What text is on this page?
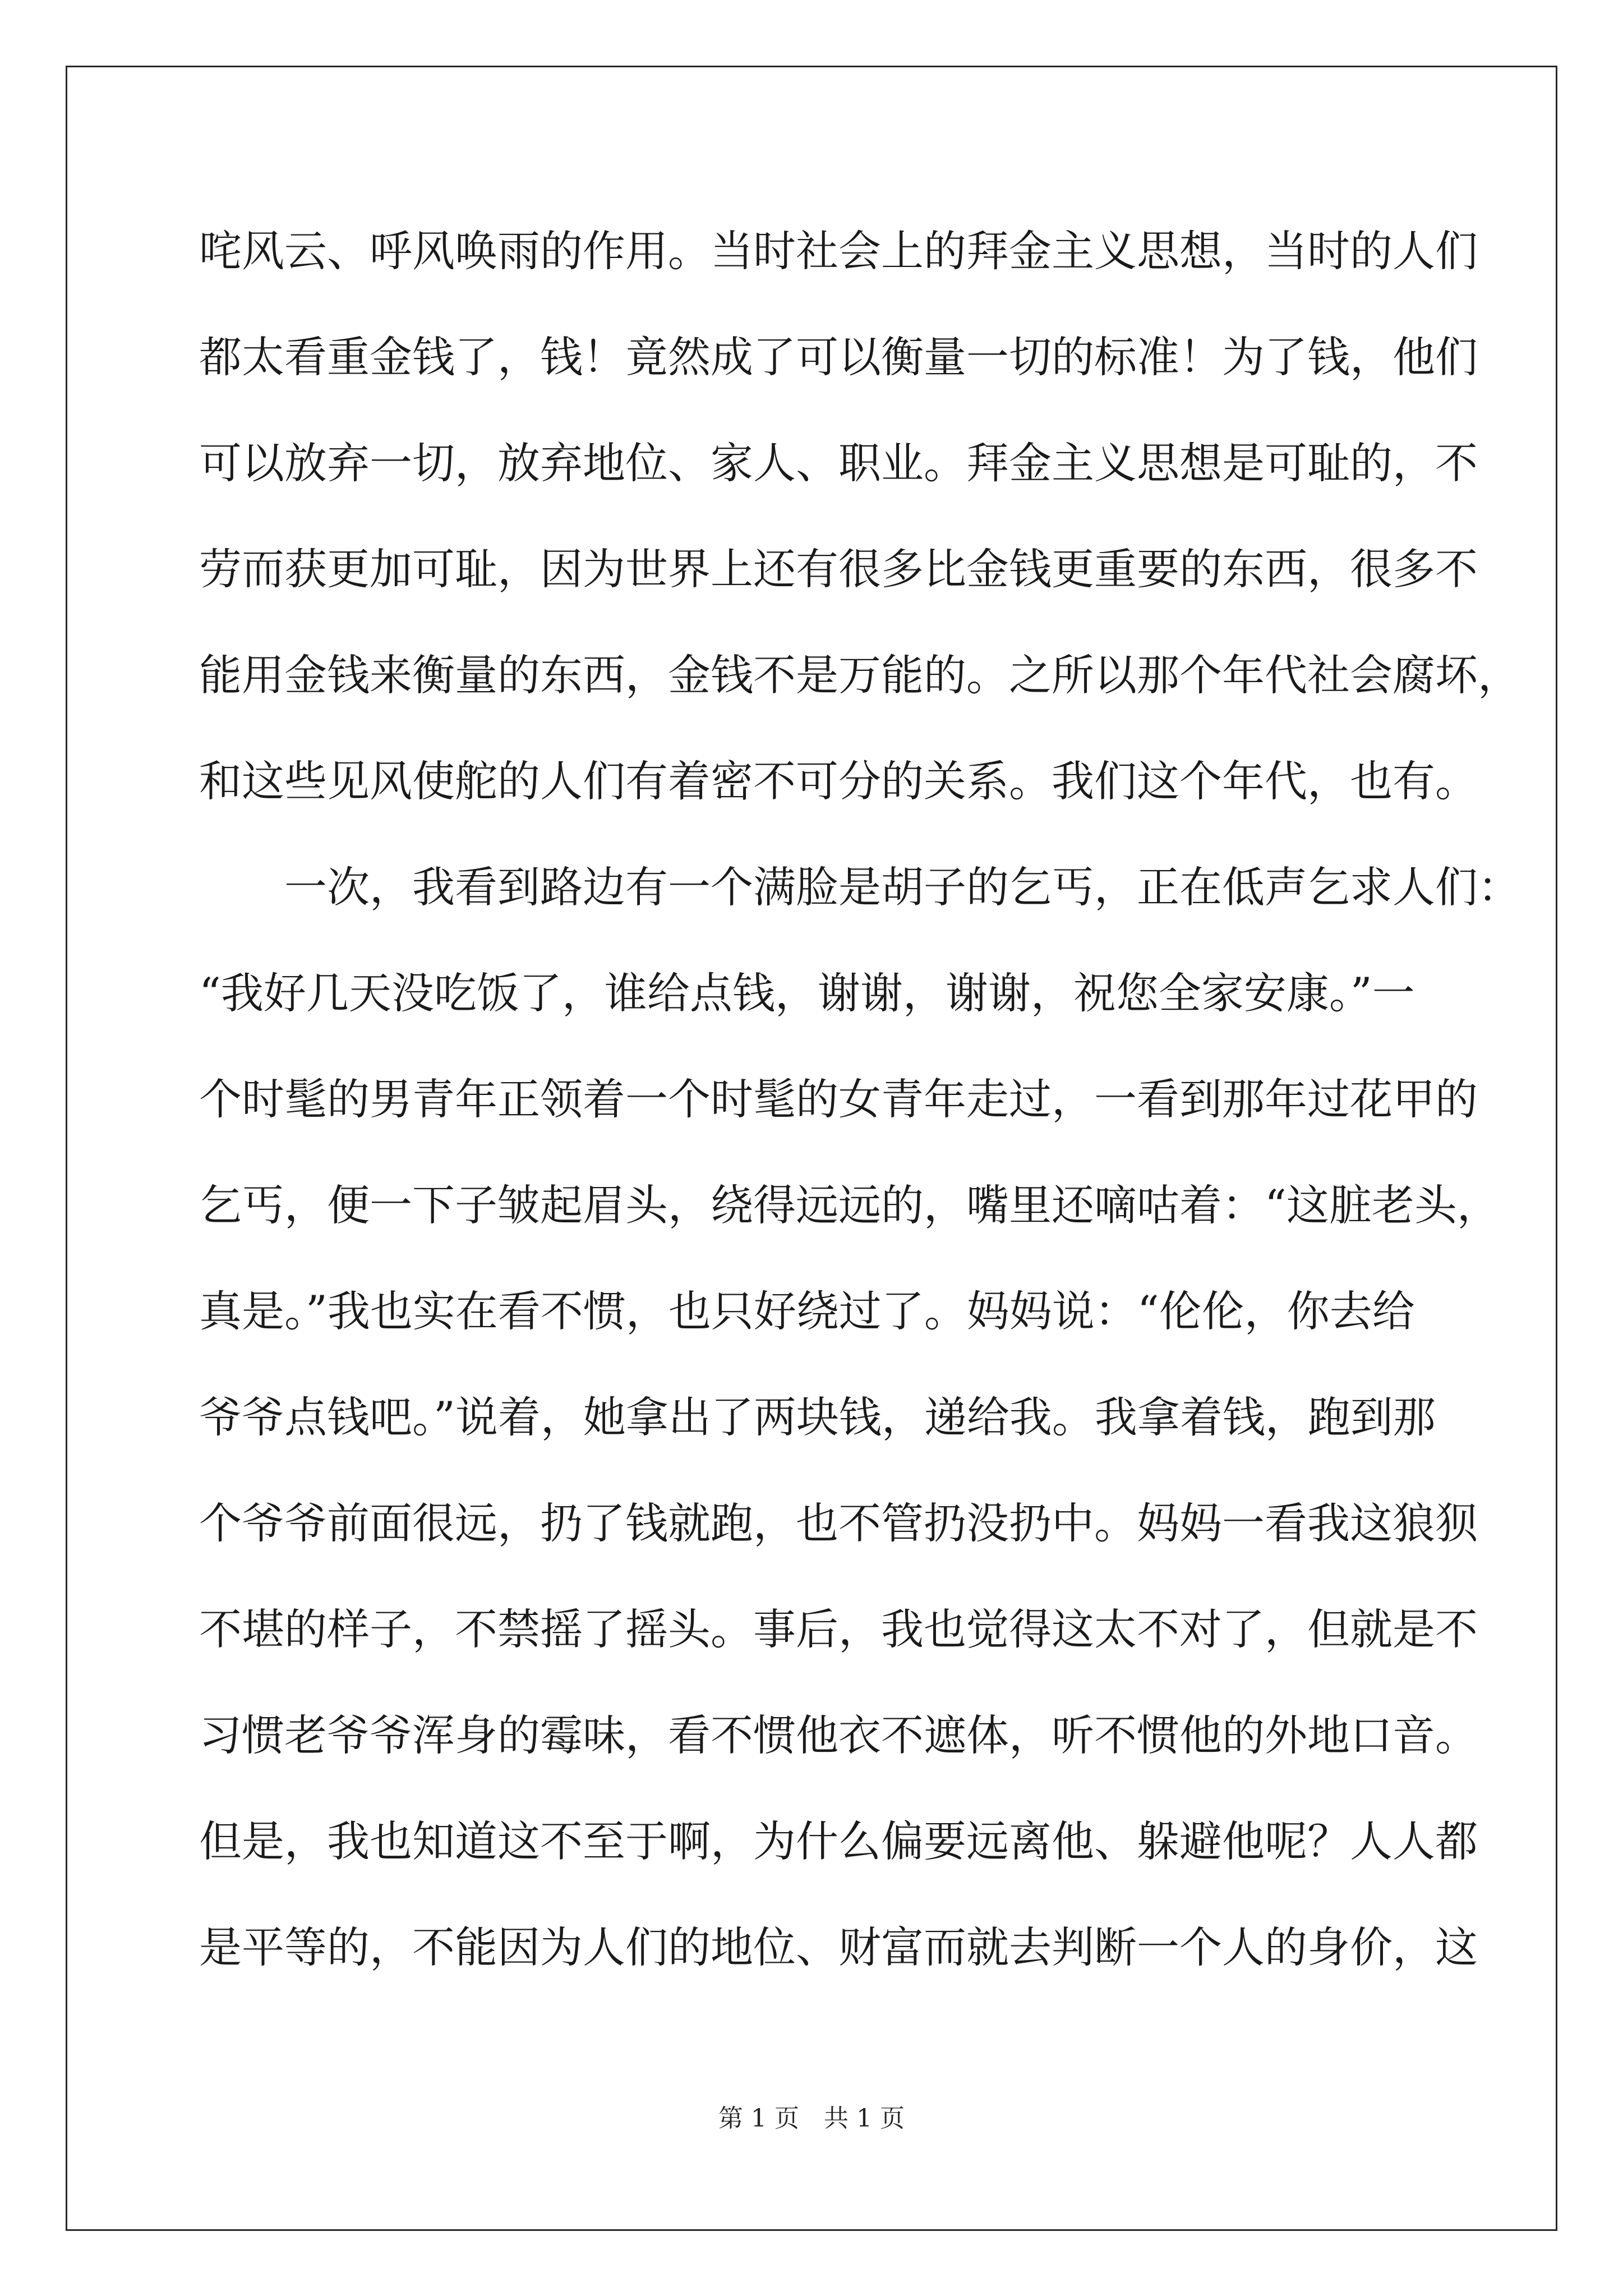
咤风云、呼风唤雨的作用。当时社会上的拜金主义思想，当时的人们
都太看重金钱了，钱！竟然成了可以衡量一切的标准！为了钱，他们
可以放弃一切，放弃地位、家人、职业。拜金主义思想是可耻的，不
劳而获更加可耻，因为世界上还有很多比金钱更重要的东西，很多不
能用金钱来衡量的东西，金钱不是万能的。之所以那个年代社会腐坏，
和这些见风使舵的人们有着密不可分的关系。我们这个年代，也有。
　　一次，我看到路边有一个满脸是胡子的乞丐，正在低声乞求人们：
“我好几天没吃饭了，谁给点钱，谢谢，谢谢，祝您全家安康。”一
个时髦的男青年正领着一个时髦的女青年走过，一看到那年过花甲的
乞丐，便一下子皱起眉头，绕得远远的，嘴里还嘀咕着：“这脏老头，
真是。”我也实在看不惯，也只好绕过了。妈妈说：“伦伦，你去给
爷爷点钱吧。”说着，她拿出了两块钱，递给我。我拿着钱，跑到那
个爷爷前面很远，扔了钱就跑，也不管扔没扔中。妈妈一看我这狼狈
不堪的样子，不禁摇了摇头。事后，我也觉得这太不对了，但就是不
习惯老爷爷浑身的霉味，看不惯他衣不遮体，听不惯他的外地口音。
但是，我也知道这不至于啊，为什么偏要远离他、躲避他呢？人人都
是平等的，不能因为人们的地位、财富而就去判断一个人的身价，这
第 1 页　共 1 页
